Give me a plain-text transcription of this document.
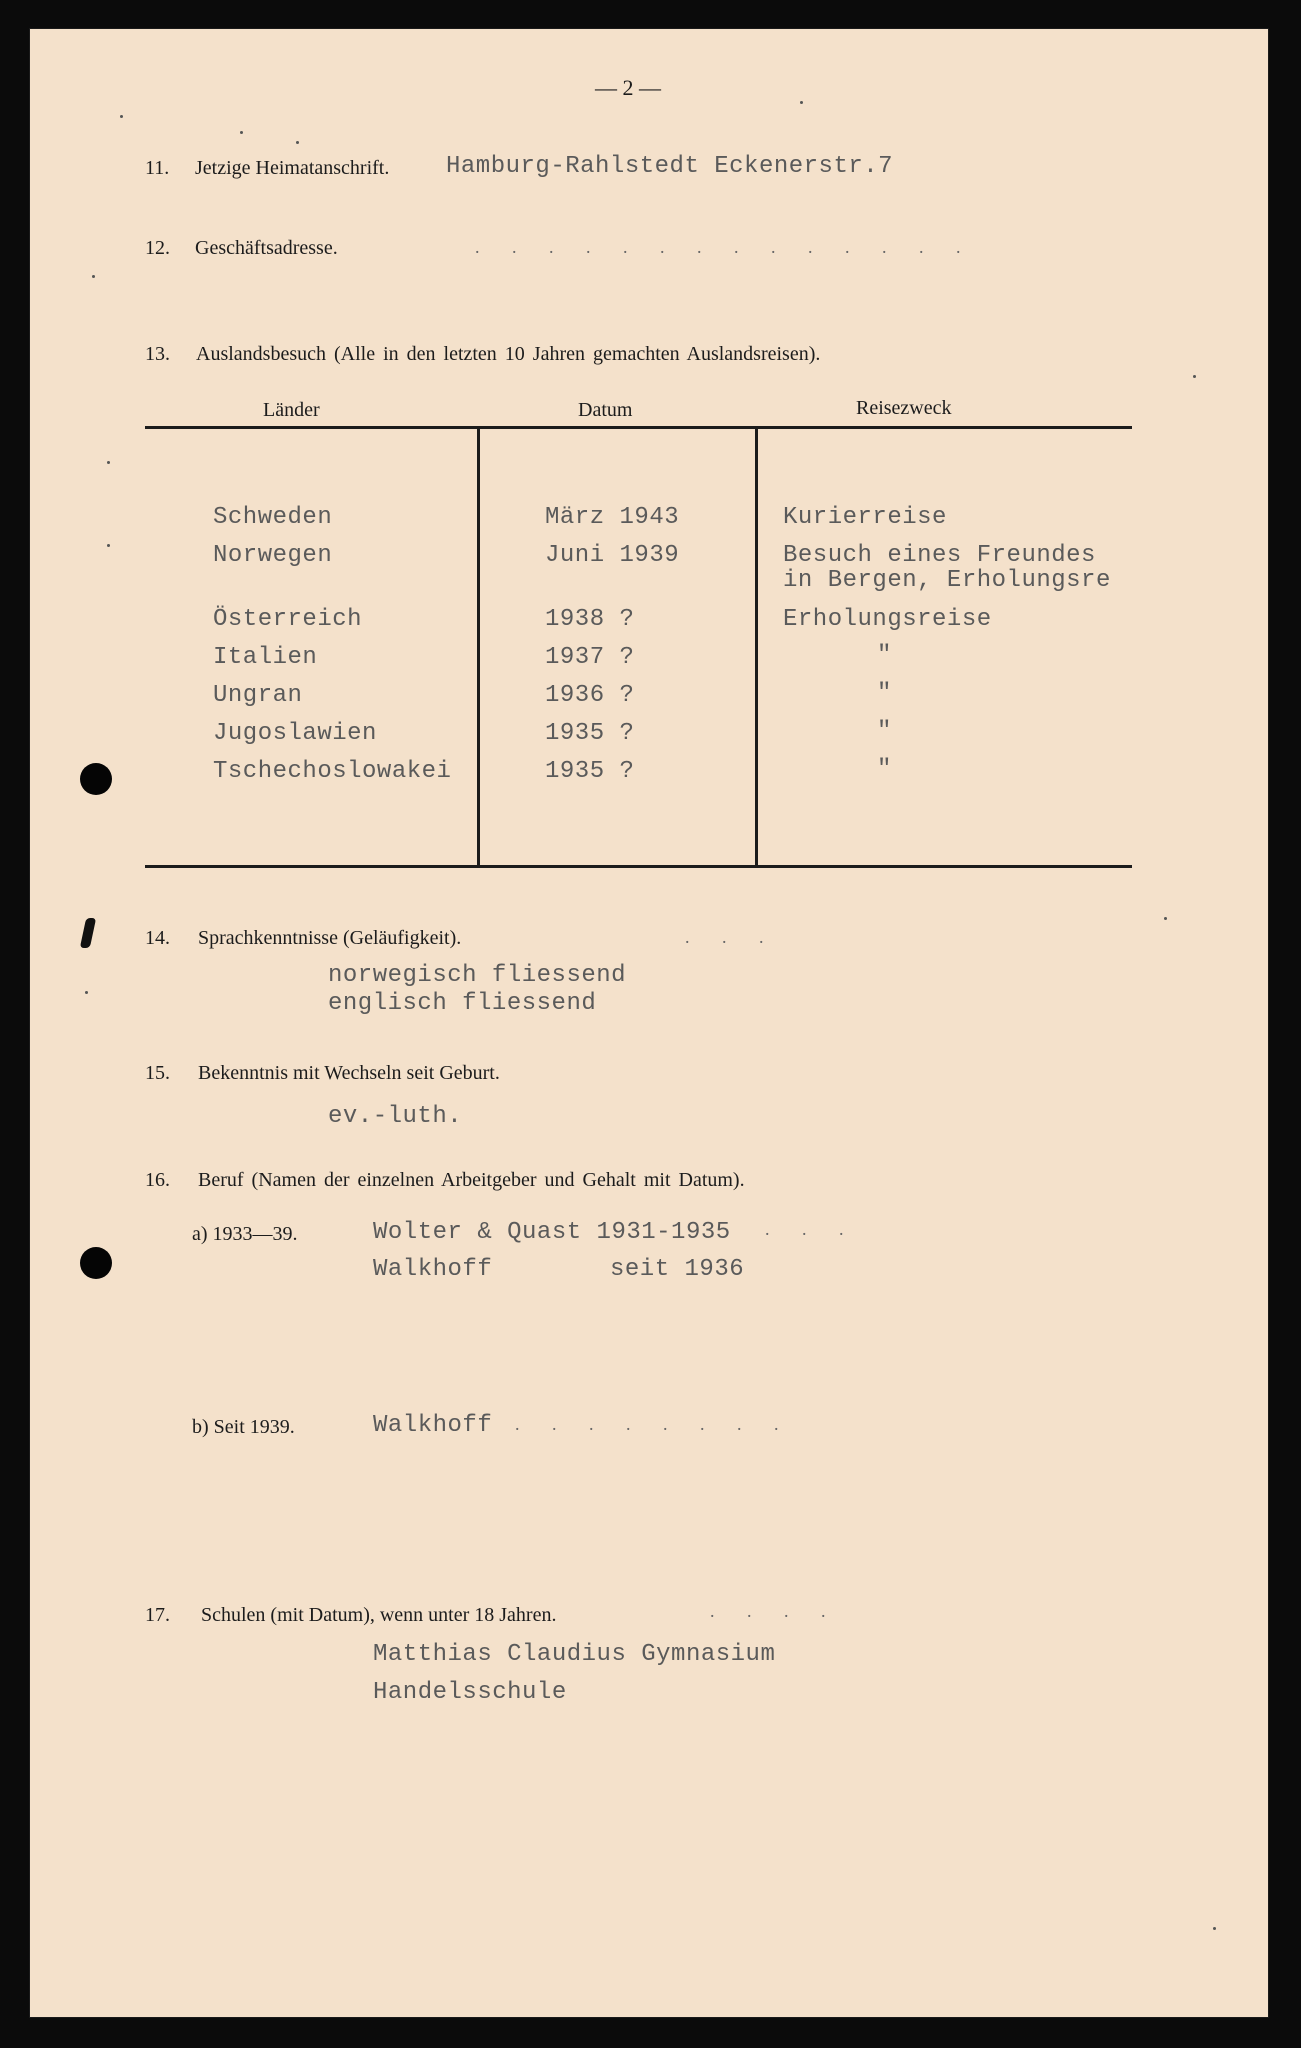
— 2 —
11. Jetzige Heimatanschrift. Hamburg-Rahlstedt Eckenerstr.7
12. Geschäftsadresse.	. . . . . . . . . . . . . .
13. Auslandsbesuch (Alle in den letzten 10 Jahren gemachten Auslandsreisen).
Länder	Datum	Reisezweck
Schweden	März 1943	Kurierreise
Norwegen	Juni 1939	Besuch eines Freundes
in Bergen, Erholungsre
Österreich	1938 ?	Erholungsreise
Italien	1937 ?	"
Ungran	1936 ?	"
Jugoslawien	1935 ?	"
Tschechoslowakei	1935 ?	"
14. Sprachkenntnisse (Geläufigkeit).	. . .
norwegisch fliessend
englisch fliessend
15. Bekenntnis mit Wechseln seit Geburt.
ev.-luth.
16. Beruf (Namen der einzelnen Arbeitgeber und Gehalt mit Datum).
a) 1933—39.	Wolter & Quast 1931-1935 . . .
Walkhoff	seit 1936
b) Seit 1939.	Walkhoff . . . . . . . .
17. Schulen (mit Datum), wenn unter 18 Jahren.	. . . .
Matthias Claudius Gymnasium
Handelsschule
